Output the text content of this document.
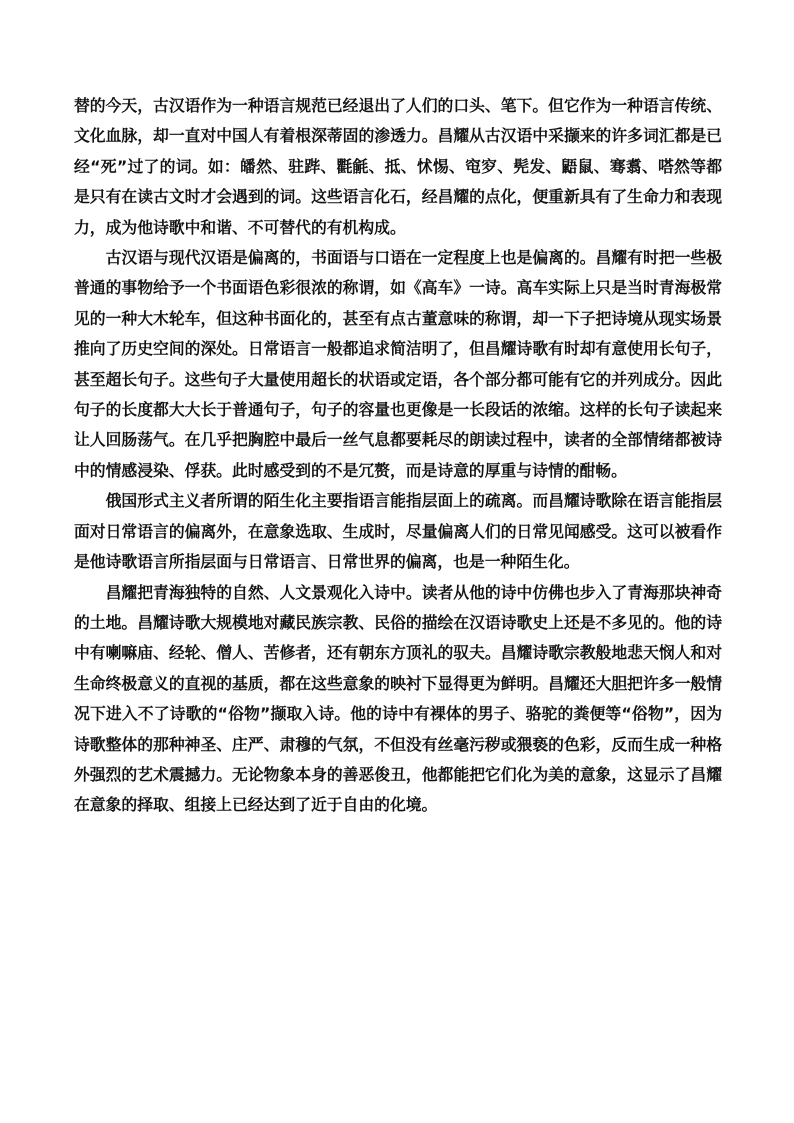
替的今天，古汉语作为一种语言规范已经退出了人们的口头、笔下。但它作为一种语言传统、文化血脉，却一直对中国人有着根深蒂固的渗透力。昌耀从古汉语中采撷来的许多词汇都是已经“死”过了的词。如：皤然、驻跸、氍毹、抵、怵惕、窀穸、髡发、鼯鼠、骞翥、嗒然等都是只有在读古文时才会遇到的词。这些语言化石，经昌耀的点化，便重新具有了生命力和表现力，成为他诗歌中和谐、不可替代的有机构成。

古汉语与现代汉语是偏离的，书面语与口语在一定程度上也是偏离的。昌耀有时把一些极普通的事物给予一个书面语色彩很浓的称谓，如《高车》一诗。高车实际上只是当时青海极常见的一种大木轮车，但这种书面化的，甚至有点古董意味的称谓，却一下子把诗境从现实场景推向了历史空间的深处。日常语言一般都追求简洁明了，但昌耀诗歌有时却有意使用长句子，甚至超长句子。这些句子大量使用超长的状语或定语，各个部分都可能有它的并列成分。因此句子的长度都大大长于普通句子，句子的容量也更像是一长段话的浓缩。这样的长句子读起来让人回肠荡气。在几乎把胸腔中最后一丝气息都要耗尽的朗读过程中，读者的全部情绪都被诗中的情感浸染、俘获。此时感受到的不是冗赘，而是诗意的厚重与诗情的酣畅。

俄国形式主义者所谓的陌生化主要指语言能指层面上的疏离。而昌耀诗歌除在语言能指层面对日常语言的偏离外，在意象选取、生成时，尽量偏离人们的日常见闻感受。这可以被看作是他诗歌语言所指层面与日常语言、日常世界的偏离，也是一种陌生化。

昌耀把青海独特的自然、人文景观化入诗中。读者从他的诗中仿佛也步入了青海那块神奇的土地。昌耀诗歌大规模地对藏民族宗教、民俗的描绘在汉语诗歌史上还是不多见的。他的诗中有喇嘛庙、经轮、僧人、苦修者，还有朝东方顶礼的驭夫。昌耀诗歌宗教般地悲天悯人和对生命终极意义的直视的基质，都在这些意象的映衬下显得更为鲜明。昌耀还大胆把许多一般情况下进入不了诗歌的“俗物”撷取入诗。他的诗中有裸体的男子、骆驼的粪便等“俗物”，因为诗歌整体的那种神圣、庄严、肃穆的气氛，不但没有丝毫污秽或猥亵的色彩，反而生成一种格外强烈的艺术震撼力。无论物象本身的善恶俊丑，他都能把它们化为美的意象，这显示了昌耀在意象的择取、组接上已经达到了近于自由的化境。
